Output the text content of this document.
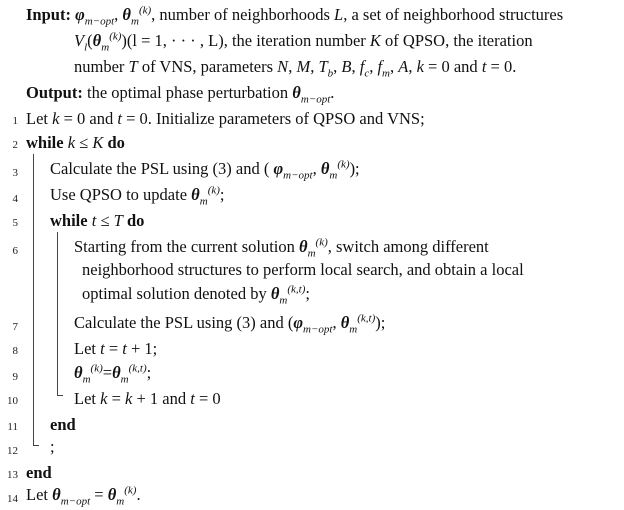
Input: $\varphi_{m-opt}$, $\theta_m^{(k)}$, number of neighborhoods L, a set of neighborhood structures
$V_l(\theta_m^{(k)})(l = 1$, · · · , L), the iteration number K of QPSO, the iteration
number T of VNS, parameters N, M, $T_b$, B, $f_c$, $f_m$, A, k = 0 and t = 0.
Output: the optimal phase perturbation $\theta_{m-opt}$.
1 Let k = 0 and t = 0. Initialize parameters of QPSO and VNS;
2 while k ≤ K do
3 Calculate the PSL using (3) and ( $\varphi_{m-opt}$, $\theta_m^{(k)}$);
4 Use QPSO to update $\theta_m^{(k)}$;
5 while t ≤ T do
6	Starting from the current solution $\theta_m^{(k)}$, switch among different
neighborhood structures to perform local search, and obtain a local
optimal solution denoted by $\theta_m^{(k,t)}$;
7	Calculate the PSL using (3) and ($\varphi_{m-opt}$, $\theta_m^{(k,t)}$);
8	Let t = t + 1;
9	$\theta_m^{(k)}=\theta_m^{(k,t)}$;
10	Let k = k + 1 and t = 0
11 end
12 ;
13 end
14 Let $\theta_{m-opt} = \theta_m^{(k)}$.
